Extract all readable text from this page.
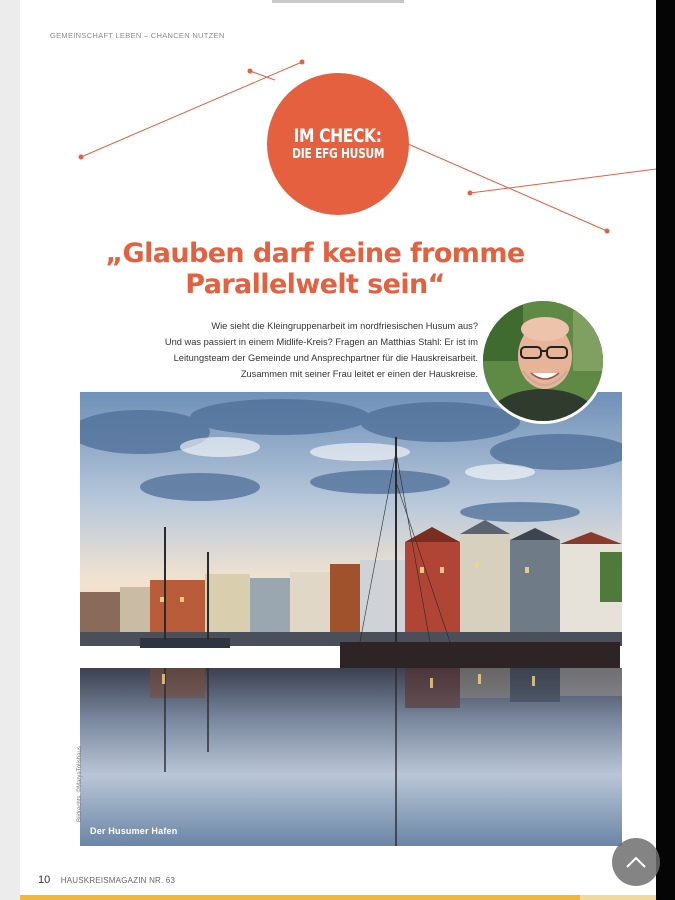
GEMEINSCHAFT LEBEN – CHANCEN NUTZEN
IM CHECK:
DIE EFG HUSUM
„Glauben darf keine fromme
Parallelwelt sein“
Wie sieht die Kleingruppenarbeit im nordfriesischen Husum aus?
Und was passiert in einem Midlife-Kreis? Fragen an Matthias Stahl: Er ist im
Leitungsteam der Gemeinde und Ansprechpartner für die Hauskreisarbeit.
Zusammen mit seiner Frau leitet er einen der Hauskreise.
Der Husumer Hafen
Bildrechts: ©MaryaTollshaus
10 HAUSKREISMAGAZIN NR. 63
